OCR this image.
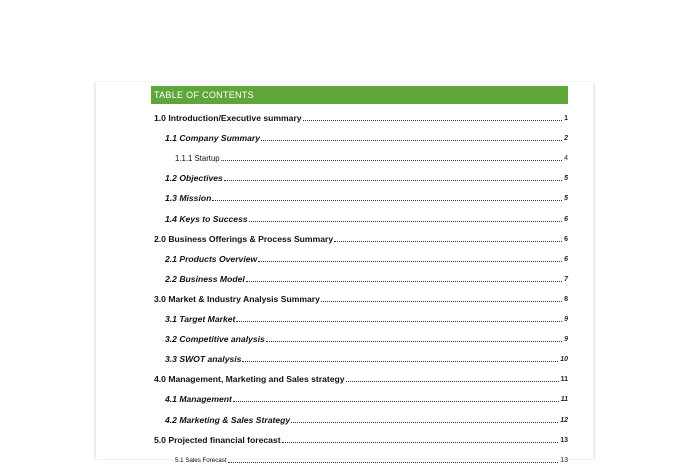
TABLE OF CONTENTS
1.0 Introduction/Executive summary	1
1.1 Company Summary	2
1.1.1 Startup	4
1.2 Objectives	5
1.3 Mission	5
1.4 Keys to Success	6
2.0 Business Offerings & Process Summary	6
2.1 Products Overview	6
2.2 Business Model	7
3.0 Market & Industry Analysis Summary	8
3.1 Target Market	9
3.2 Competitive analysis	9
3.3 SWOT analysis	10
4.0 Management, Marketing and Sales strategy	11
4.1 Management	11
4.2 Marketing & Sales Strategy	12
5.0 Projected financial forecast	13
5.1 Sales Forecast	13
